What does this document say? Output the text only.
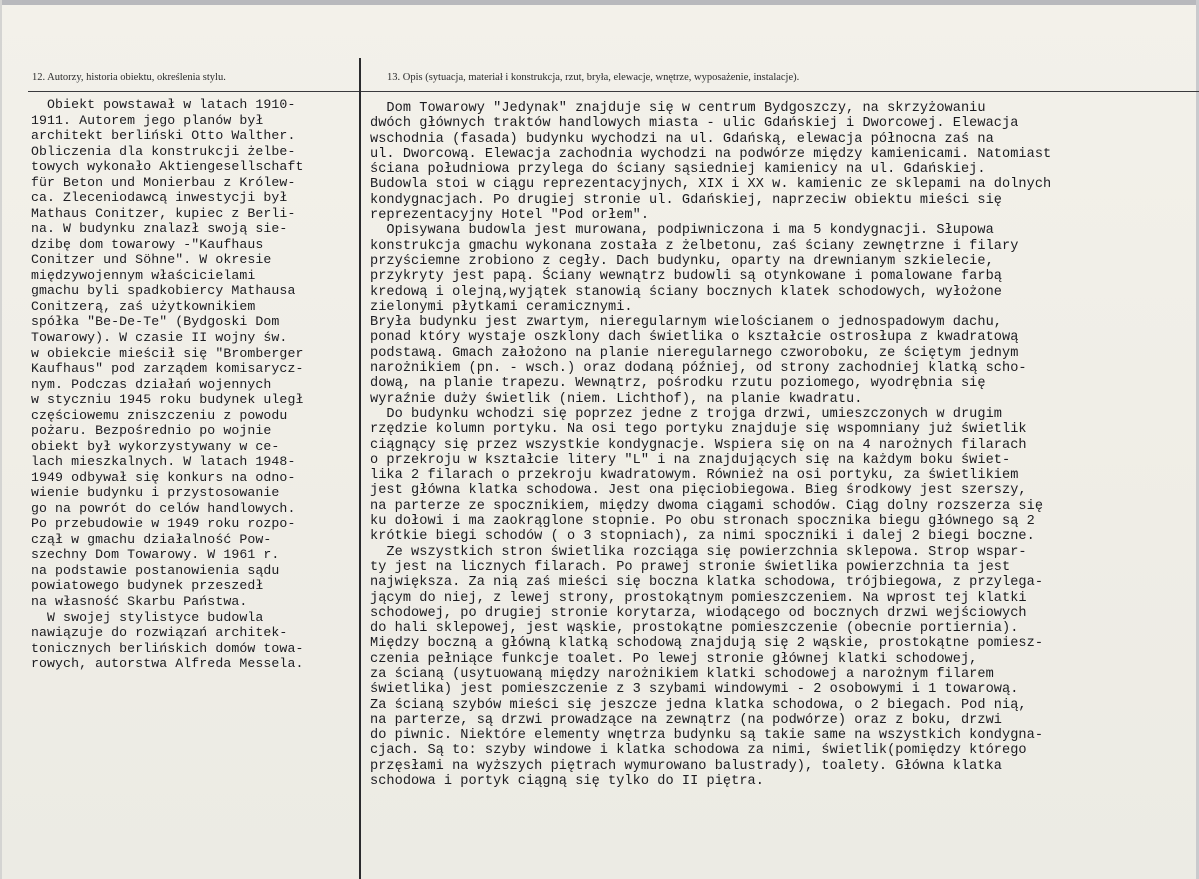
12. Autorzy, historia obiektu, określenia stylu.	13. Opis (sytuacja, materiał i konstrukcja, rzut, bryła, elewacje, wnętrze, wyposażenie, instalacje).
Obiekt powstawał w latach 1910-
1911. Autorem jego planów był
architekt berliński Otto Walther.
Obliczenia dla konstrukcji żelbe-
towych wykonało Aktiengesellschaft
für Beton und Monierbau z Królew-
ca. Zleceniodawcą inwestycji był
Mathaus Conitzer, kupiec z Berli-
na. W budynku znalazł swoją sie-
dzibę dom towarowy -"Kaufhaus
Conitzer und Söhne". W okresie
międzywojennym właścicielami
gmachu byli spadkobiercy Mathausa
Conitzerą, zaś użytkownikiem
spółka "Be-De-Te" (Bydgoski Dom
Towarowy). W czasie II wojny św.
w obiekcie mieścił się "Bromberger
Kaufhaus" pod zarządem komisarycz-
nym. Podczas działań wojennych
w styczniu 1945 roku budynek uległ
częściowemu zniszczeniu z powodu
pożaru. Bezpośrednio po wojnie
obiekt był wykorzystywany w ce-
lach mieszkalnych. W latach 1948-
1949 odbywał się konkurs na odno-
wienie budynku i przystosowanie
go na powrót do celów handlowych.
Po przebudowie w 1949 roku rozpo-
czął w gmachu działalność Pow-
szechny Dom Towarowy. W 1961 r.
na podstawie postanowienia sądu
powiatowego budynek przeszedł
na własność Skarbu Państwa.
W swojej stylistyce budowla
nawiązuje do rozwiązań architek-
tonicznych berlińskich domów towa-
rowych, autorstwa Alfreda Messela.
Dom Towarowy "Jedynak" znajduje się w centrum Bydgoszczy, na skrzyżowaniu
dwóch głównych traktów handlowych miasta - ulic Gdańskiej i Dworcowej. Elewacja
wschodnia (fasada) budynku wychodzi na ul. Gdańską, elewacja północna zaś na
ul. Dworcową. Elewacja zachodnia wychodzi na podwórze między kamienicami. Natomiast
ściana południowa przylega do ściany sąsiedniej kamienicy na ul. Gdańskiej.
Budowla stoi w ciągu reprezentacyjnych, XIX i XX w. kamienic ze sklepami na dolnych
kondygnacjach. Po drugiej stronie ul. Gdańskiej, naprzeciw obiektu mieści się
reprezentacyjny Hotel "Pod orłem".
Opisywana budowla jest murowana, podpiwniczona i ma 5 kondygnacji. Słupowa
konstrukcja gmachu wykonana została z żelbetonu, zaś ściany zewnętrzne i filary
przyściemne zrobiono z cegły. Dach budynku, oparty na drewnianym szkielecie,
przykryty jest papą. Ściany wewnątrz budowli są otynkowane i pomalowane farbą
kredową i olejną,wyjątek stanowią ściany bocznych klatek schodowych, wyłożone
zielonymi płytkami ceramicznymi.
Bryła budynku jest zwartym, nieregularnym wielościanem o jednospadowym dachu,
ponad który wystaje oszklony dach świetlika o kształcie ostrosłupa z kwadratową
podstawą. Gmach założono na planie nieregularnego czworoboku, ze ściętym jednym
narożnikiem (pn. - wsch.) oraz dodaną później, od strony zachodniej klatką scho-
dową, na planie trapezu. Wewnątrz, pośrodku rzutu poziomego, wyodrębnia się
wyraźnie duży świetlik (niem. Lichthof), na planie kwadratu.
Do budynku wchodzi się poprzez jedne z trojga drzwi, umieszczonych w drugim
rzędzie kolumn portyku. Na osi tego portyku znajduje się wspomniany już świetlik
ciągnący się przez wszystkie kondygnacje. Wspiera się on na 4 narożnych filarach
o przekroju w kształcie litery "L" i na znajdujących się na każdym boku świet-
lika 2 filarach o przekroju kwadratowym. Również na osi portyku, za świetlikiem
jest główna klatka schodowa. Jest ona pięciobiegowa. Bieg środkowy jest szerszy,
na parterze ze spocznikiem, między dwoma ciągami schodów. Ciąg dolny rozszerza się
ku dołowi i ma zaokrąglone stopnie. Po obu stronach spocznika biegu głównego są 2
krótkie biegi schodów ( o 3 stopniach), za nimi spoczniki i dalej 2 biegi boczne.
Ze wszystkich stron świetlika rozciąga się powierzchnia sklepowa. Strop wspar-
ty jest na licznych filarach. Po prawej stronie świetlika powierzchnia ta jest
największa. Za nią zaś mieści się boczna klatka schodowa, trójbiegowa, z przylega-
jącym do niej, z lewej strony, prostokątnym pomieszczeniem. Na wprost tej klatki
schodowej, po drugiej stronie korytarza, wiodącego od bocznych drzwi wejściowych
do hali sklepowej, jest wąskie, prostokątne pomieszczenie (obecnie portiernia).
Między boczną a główną klatką schodową znajdują się 2 wąskie, prostokątne pomiesz-
czenia pełniące funkcje toalet. Po lewej stronie głównej klatki schodowej,
za ścianą (usytuowaną między narożnikiem klatki schodowej a narożnym filarem
świetlika) jest pomieszczenie z 3 szybami windowymi - 2 osobowymi i 1 towarową.
Za ścianą szybów mieści się jeszcze jedna klatka schodowa, o 2 biegach. Pod nią,
na parterze, są drzwi prowadzące na zewnątrz (na podwórze) oraz z boku, drzwi
do piwnic. Niektóre elementy wnętrza budynku są takie same na wszystkich kondygna-
cjach. Są to: szyby windowe i klatka schodowa za nimi, świetlik(pomiędzy którego
przęsłami na wyższych piętrach wymurowano balustrady), toalety. Główna klatka
schodowa i portyk ciągną się tylko do II piętra.
